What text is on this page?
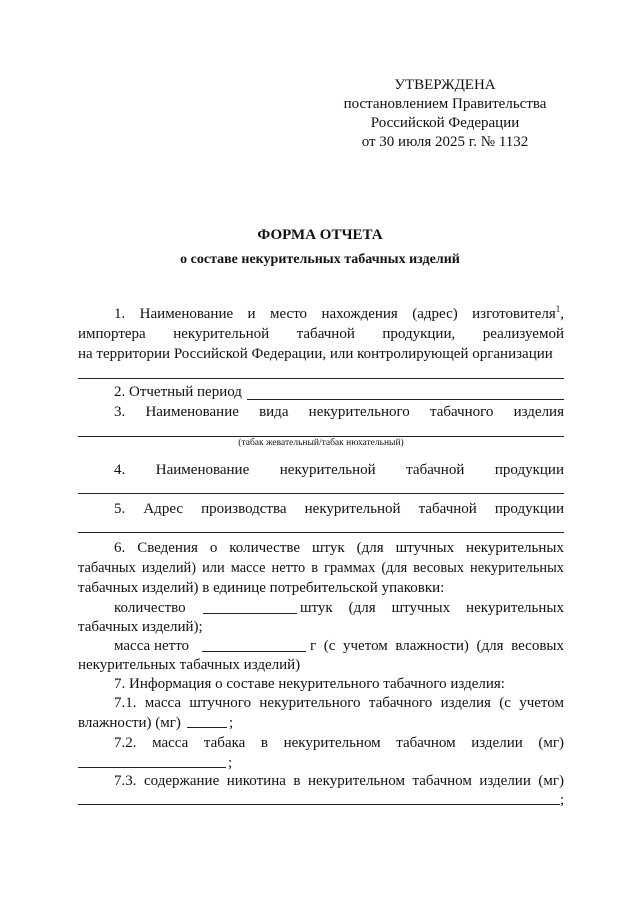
УТВЕРЖДЕНА
постановлением Правительства
Российской Федерации
от 30 июля 2025 г. № 1132
ФОРМА ОТЧЕТА
о составе некурительных табачных изделий
1. Наименование и место нахождения (адрес) изготовителя$^1$,
импортера некурительной табачной продукции, реализуемой
на территории Российской Федерации, или контролирующей организации
2. Отчетный период
3. Наименование вида некурительного табачного изделия
(табак жевательный/табак нюхательный)
4. Наименование некурительной табачной продукции
5. Адрес производства некурительной табачной продукции
6. Сведения о количестве штук (для штучных некурительных
табачных изделий) или массе нетто в граммах (для весовых некурительных
табачных изделий) в единице потребительской упаковки:
количество	штук (для штучных некурительных
табачных изделий);
масса нетто	г (с учетом влажности) (для весовых
некурительных табачных изделий)
7. Информация о составе некурительного табачного изделия:
7.1. масса штучного некурительного табачного изделия (с учетом
влажности) (мг)	;
7.2. масса табака в некурительном табачном изделии (мг)
;
7.3. содержание никотина в некурительном табачном изделии (мг)
;
